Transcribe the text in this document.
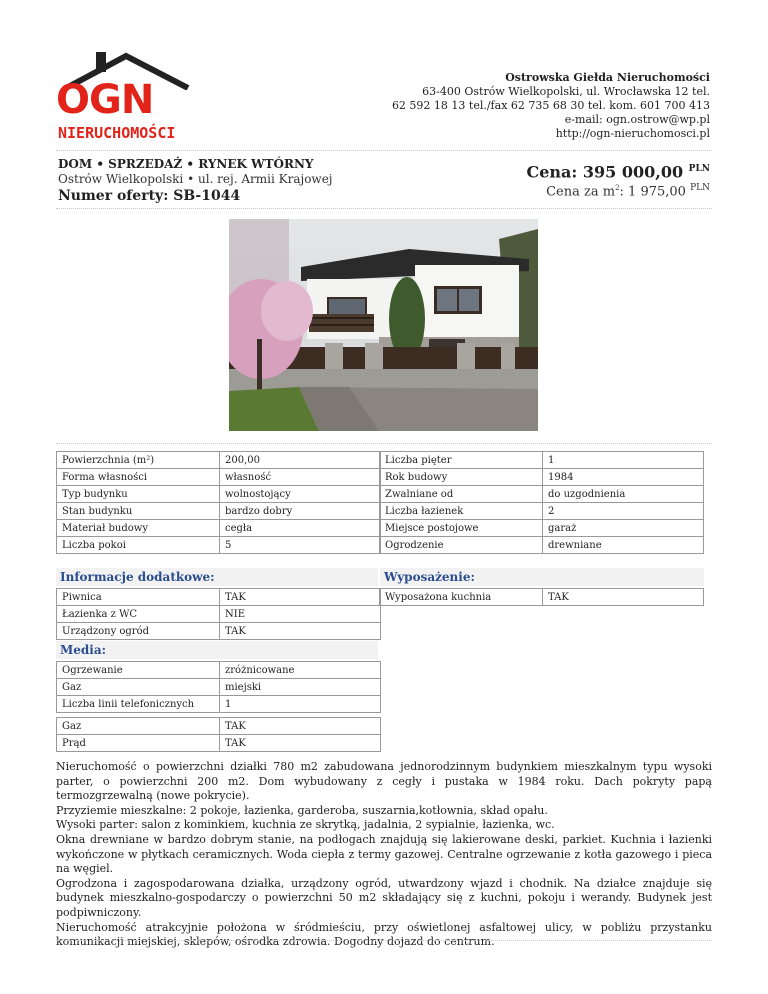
OGN
NIERUCHOMOŚCI
Ostrowska Giełda Nieruchomości
63-400 Ostrów Wielkopolski, ul. Wrocławska 12 tel.
62 592 18 13 tel./fax 62 735 68 30 tel. kom. 601 700 413
e-mail: ogn.ostrow@wp.pl
http://ogn-nieruchomosci.pl
DOM • SPRZEDAŻ • RYNEK WTÓRNY
Ostrów Wielkopolski • ul. rej. Armii Krajowej
Numer oferty: SB-1044
Cena: 395 000,00 $^{PLN}$
Cena za $m^2$: 1 975,00 $^{PLN}$
Powierzchnia (m²)	200,00
Forma własności	własność
Typ budynku	wolnostojący
Stan budynku	bardzo dobry
Materiał budowy	cegła
Liczba pokoi	5
Liczba pięter	1
Rok budowy	1984
Zwalniane od	do uzgodnienia
Liczba łazienek	2
Miejsce postojowe	garaż
Ogrodzenie	drewniane
Informacje dodatkowe:
Piwnica	TAK
Łazienka z WC	NIE
Urządzony ogród	TAK
Wyposażenie:
Wyposażona kuchnia	TAK
Media:
Ogrzewanie	zróżnicowane
Gaz	miejski
Liczba linii telefonicznych	1
Gaz	TAK
Prąd	TAK

Nieruchomość o powierzchni działki 780 m2 zabudowana jednorodzinnym budynkiem mieszkalnym typu wysoki parter, o powierzchni 200 m2. Dom wybudowany z cegły i pustaka w 1984 roku. Dach pokryty papą termozgrzewalną (nowe pokrycie).

Przyziemie mieszkalne: 2 pokoje, łazienka, garderoba, suszarnia,kotłownia, skład opału.

Wysoki parter: salon z kominkiem, kuchnia ze skrytką, jadalnia, 2 sypialnie, łazienka, wc.

Okna drewniane w bardzo dobrym stanie, na podłogach znajdują się lakierowane deski, parkiet. Kuchnia i łazienki wykończone w płytkach ceramicznych. Woda ciepła z termy gazowej. Centralne ogrzewanie z kotła gazowego i pieca na węgiel.

Ogrodzona i zagospodarowana działka, urządzony ogród, utwardzony wjazd i chodnik. Na działce znajduje się budynek mieszkalno-gospodarczy o powierzchni 50 m2 składający się z kuchni, pokoju i werandy. Budynek jest podpiwniczony.

Nieruchomość atrakcyjnie położona w śródmieściu, przy oświetlonej asfaltowej ulicy, w pobliżu przystanku komunikacji miejskiej, sklepów, ośrodka zdrowia. Dogodny dojazd do centrum.
